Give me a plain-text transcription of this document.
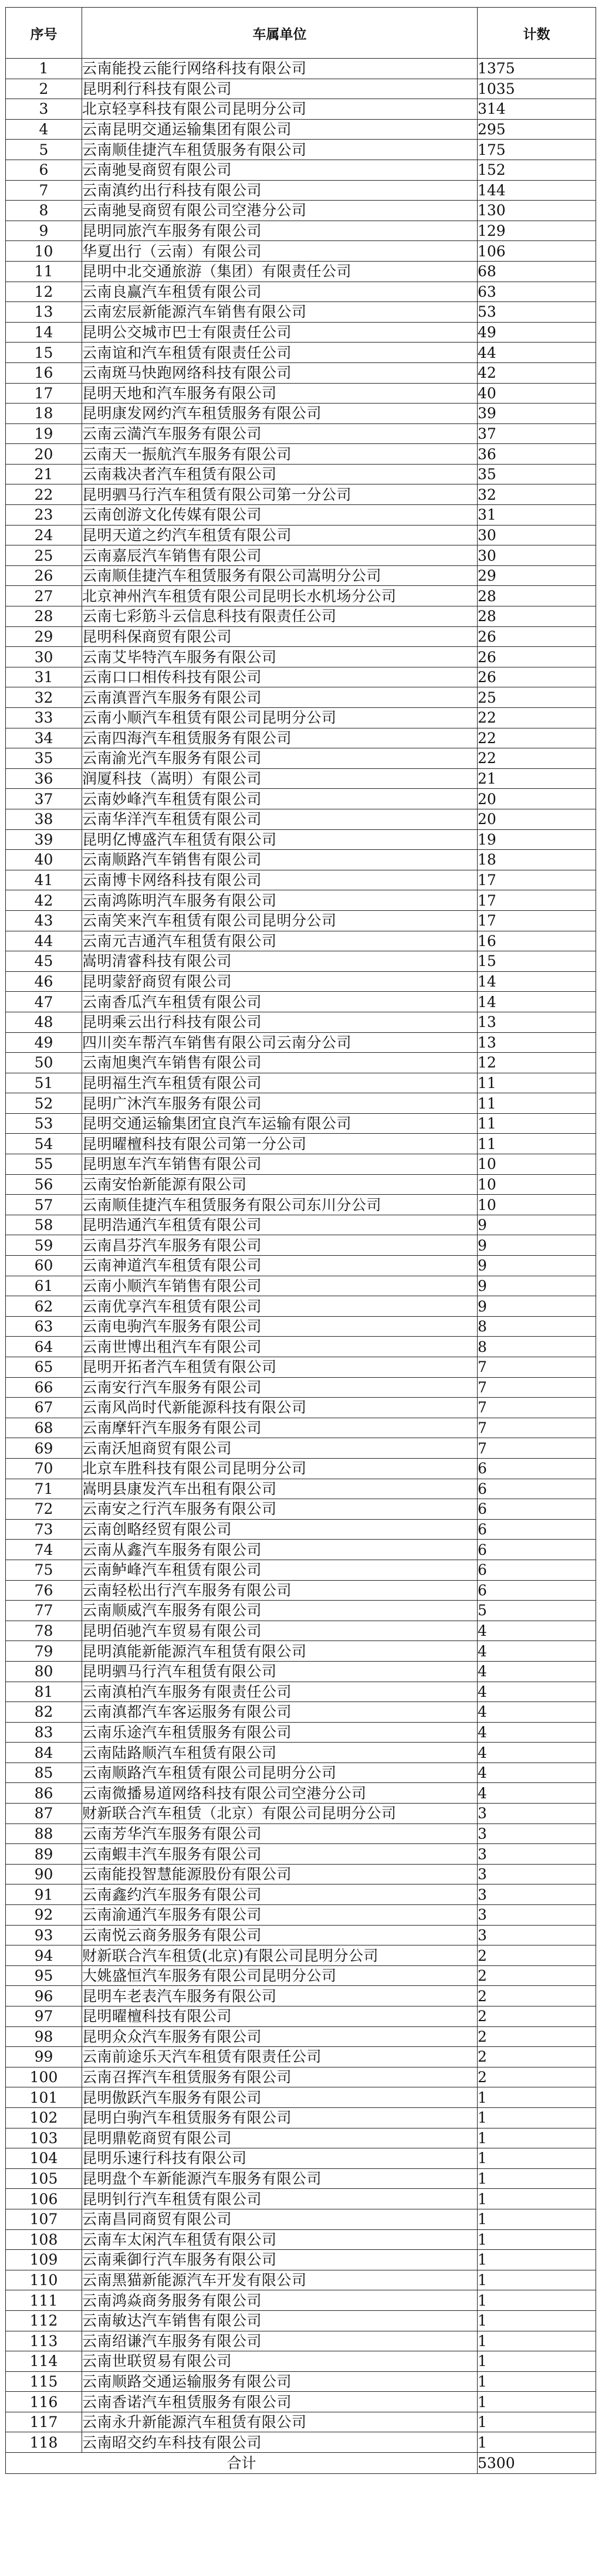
序号	车属单位	计数
1	云南能投云能行网络科技有限公司	1375
2	昆明利行科技有限公司	1035
3	北京轻享科技有限公司昆明分公司	314
4	云南昆明交通运输集团有限公司	295
5	云南顺佳捷汽车租赁服务有限公司	175
6	云南驰旻商贸有限公司	152
7	云南滇约出行科技有限公司	144
8	云南驰旻商贸有限公司空港分公司	130
9	昆明同旅汽车服务有限公司	129
10	华夏出行（云南）有限公司	106
11	昆明中北交通旅游（集团）有限责任公司	68
12	云南良赢汽车租赁有限公司	63
13	云南宏辰新能源汽车销售有限公司	53
14	昆明公交城市巴士有限责任公司	49
15	云南谊和汽车租赁有限责任公司	44
16	云南斑马快跑网络科技有限公司	42
17	昆明天地和汽车服务有限公司	40
18	昆明康发网约汽车租赁服务有限公司	39
19	云南云満汽车服务有限公司	37
20	云南天一振航汽车服务有限公司	36
21	云南栽决者汽车租赁有限公司	35
22	昆明驷马行汽车租赁有限公司第一分公司	32
23	云南创游文化传媒有限公司	31
24	昆明天道之约汽车租赁有限公司	30
25	云南嘉辰汽车销售有限公司	30
26	云南顺佳捷汽车租赁服务有限公司嵩明分公司	29
27	北京神州汽车租赁有限公司昆明长水机场分公司	28
28	云南七彩筋斗云信息科技有限责任公司	28
29	昆明科保商贸有限公司	26
30	云南艾毕特汽车服务有限公司	26
31	云南口口相传科技有限公司	26
32	云南滇晋汽车服务有限公司	25
33	云南小顺汽车租赁有限公司昆明分公司	22
34	云南四海汽车租赁服务有限公司	22
35	云南渝光汽车服务有限公司	22
36	润厦科技（嵩明）有限公司	21
37	云南妙峰汽车租赁有限公司	20
38	云南华洋汽车租赁有限公司	20
39	昆明亿博盛汽车租赁有限公司	19
40	云南顺路汽车销售有限公司	18
41	云南博卡网络科技有限公司	17
42	云南鸿陈明汽车服务有限公司	17
43	云南笑来汽车租赁有限公司昆明分公司	17
44	云南元吉通汽车租赁有限公司	16
45	嵩明清睿科技有限公司	15
46	昆明蒙舒商贸有限公司	14
47	云南香瓜汽车租赁有限公司	14
48	昆明乘云出行科技有限公司	13
49	四川奕车帮汽车销售有限公司云南分公司	13
50	云南旭奥汽车销售有限公司	12
51	昆明福生汽车租赁有限公司	11
52	昆明广沐汽车服务有限公司	11
53	昆明交通运输集团宜良汽车运输有限公司	11
54	昆明曜檀科技有限公司第一分公司	11
55	昆明崽车汽车销售有限公司	10
56	云南安怡新能源有限公司	10
57	云南顺佳捷汽车租赁服务有限公司东川分公司	10
58	昆明浩通汽车租赁有限公司	9
59	云南昌芬汽车服务有限公司	9
60	云南神道汽车租赁有限公司	9
61	云南小顺汽车销售有限公司	9
62	云南优享汽车租赁有限公司	9
63	云南电驹汽车服务有限公司	8
64	云南世博出租汽车有限公司	8
65	昆明开拓者汽车租赁有限公司	7
66	云南安行汽车服务有限公司	7
67	云南风尚时代新能源科技有限公司	7
68	云南摩轩汽车服务有限公司	7
69	云南沃旭商贸有限公司	7
70	北京车胜科技有限公司昆明分公司	6
71	嵩明县康发汽车出租有限公司	6
72	云南安之行汽车服务有限公司	6
73	云南创略经贸有限公司	6
74	云南从鑫汽车服务有限公司	6
75	云南鲈峰汽车租赁有限公司	6
76	云南轻松出行汽车服务有限公司	6
77	云南顺威汽车服务有限公司	5
78	昆明佰驰汽车贸易有限公司	4
79	昆明滇能新能源汽车租赁有限公司	4
80	昆明驷马行汽车租赁有限公司	4
81	云南滇柏汽车服务有限责任公司	4
82	云南滇都汽车客运服务有限公司	4
83	云南乐途汽车租赁服务有限公司	4
84	云南陆路顺汽车租赁有限公司	4
85	云南顺路汽车租赁有限公司昆明分公司	4
86	云南微播易道网络科技有限公司空港分公司	4
87	财新联合汽车租赁（北京）有限公司昆明分公司	3
88	云南芳华汽车服务有限公司	3
89	云南蝦丰汽车服务有限公司	3
90	云南能投智慧能源股份有限公司	3
91	云南鑫约汽车服务有限公司	3
92	云南渝通汽车服务有限公司	3
93	云南悦云商务服务有限公司	3
94	财新联合汽车租赁(北京)有限公司昆明分公司	2
95	大姚盛恒汽车服务有限公司昆明分公司	2
96	昆明车老表汽车服务有限公司	2
97	昆明曜檀科技有限公司	2
98	昆明众众汽车服务有限公司	2
99	云南前途乐天汽车租赁有限责任公司	2
100	云南召挥汽车租赁服务有限公司	2
101	昆明傲跃汽车服务有限公司	1
102	昆明白驹汽车租赁服务有限公司	1
103	昆明鼎乾商贸有限公司	1
104	昆明乐速行科技有限公司	1
105	昆明盘个车新能源汽车服务有限公司	1
106	昆明钊行汽车租赁有限公司	1
107	云南昌同商贸有限公司	1
108	云南车太闲汽车租赁有限公司	1
109	云南乘御行汽车服务有限公司	1
110	云南黑猫新能源汽车开发有限公司	1
111	云南鸿焱商务服务有限公司	1
112	云南敏达汽车销售有限公司	1
113	云南绍谦汽车服务有限公司	1
114	云南世联贸易有限公司	1
115	云南顺路交通运输服务有限公司	1
116	云南香诺汽车租赁服务有限公司	1
117	云南永升新能源汽车租赁有限公司	1
118	云南昭交约车科技有限公司	1
合计		5300
